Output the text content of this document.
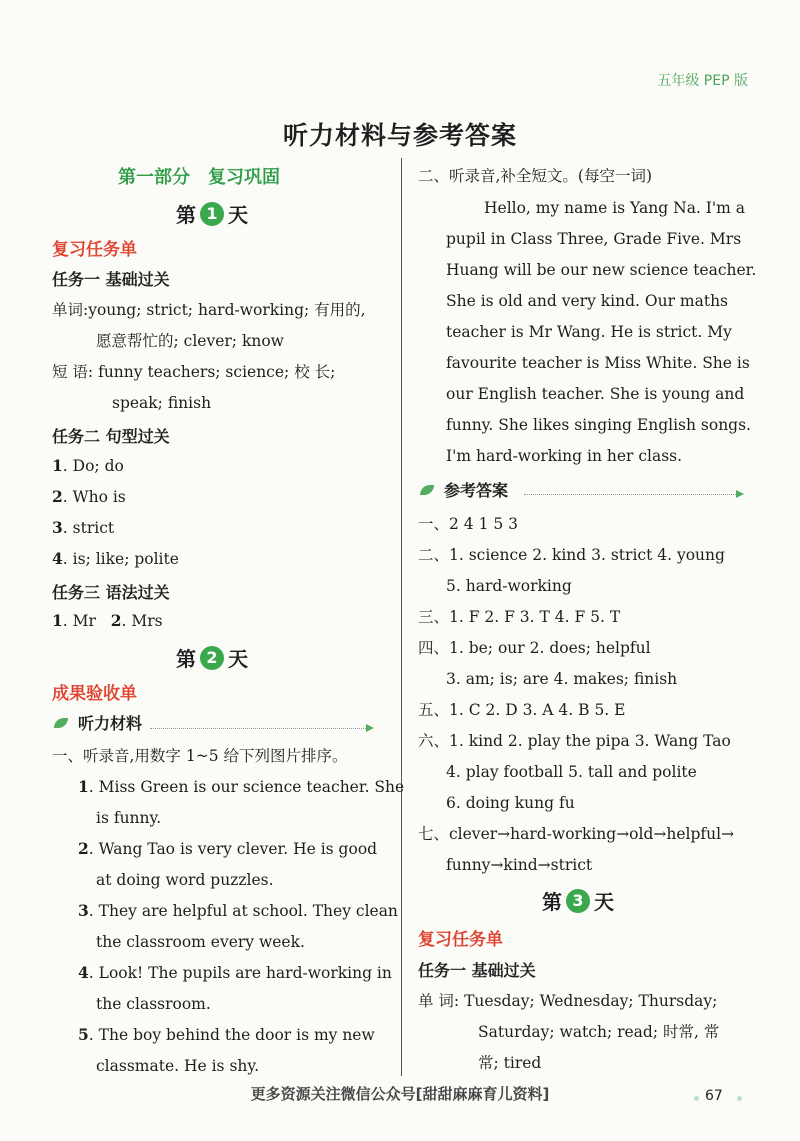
五年级 PEP 版
听力材料与参考答案
第一部分　复习巩固
第 1 天
复习任务单
任务一 基础过关
单词:young; strict; hard-working; 有用的,
愿意帮忙的; clever; know
短 语: funny teachers; science; 校 长;
speak; finish
任务二 句型过关
1. Do; do
2. Who is
3. strict
4. is; like; polite
任务三 语法过关
1. Mr 2. Mrs
第 2 天
成果验收单
听力材料
一、听录音,用数字 1~5 给下列图片排序。
1. Miss Green is our science teacher. She
is funny.
2. Wang Tao is very clever. He is good
at doing word puzzles.
3. They are helpful at school. They clean
the classroom every week.
4. Look! The pupils are hard-working in
the classroom.
5. The boy behind the door is my new
classmate. He is shy.
二、听录音,补全短文。(每空一词)
Hello, my name is Yang Na. I'm a
pupil in Class Three, Grade Five. Mrs
Huang will be our new science teacher.
She is old and very kind. Our maths
teacher is Mr Wang. He is strict. My
favourite teacher is Miss White. She is
our English teacher. She is young and
funny. She likes singing English songs.
I'm hard-working in her class.
参考答案
一、2 4 1 5 3
二、1. science 2. kind 3. strict 4. young
5. hard-working
三、1. F 2. F 3. T 4. F 5. T
四、1. be; our 2. does; helpful
3. am; is; are 4. makes; finish
五、1. C 2. D 3. A 4. B 5. E
六、1. kind 2. play the pipa 3. Wang Tao
4. play football 5. tall and polite
6. doing kung fu
七、clever→hard-working→old→helpful→
funny→kind→strict
第 3 天
复习任务单
任务一 基础过关
单 词: Tuesday; Wednesday; Thursday;
Saturday; watch; read; 时常, 常
常; tired
更多资源关注微信公众号[甜甜麻麻育儿资料]	67
